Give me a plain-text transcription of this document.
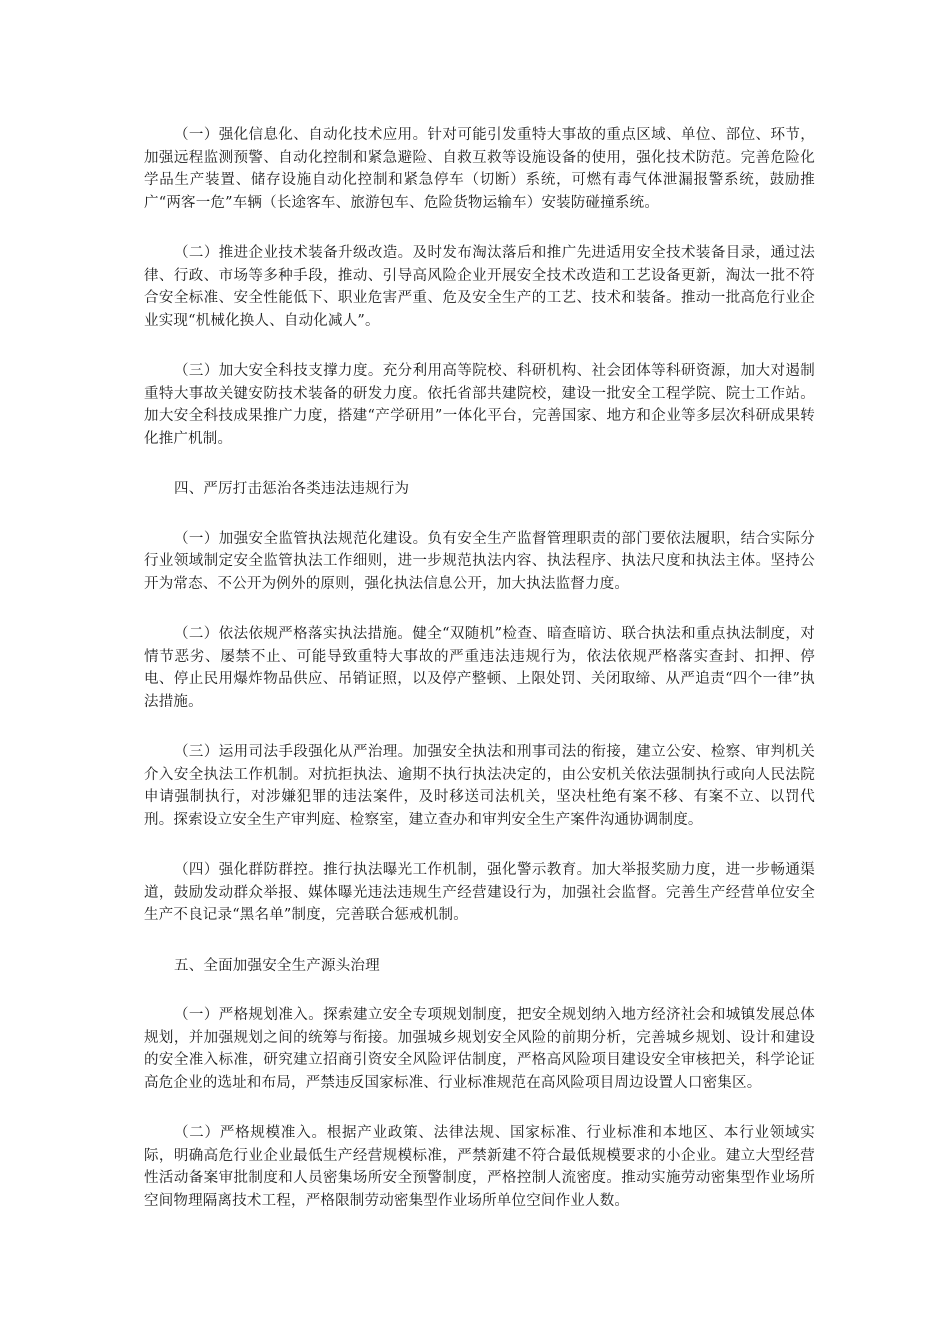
（一）强化信息化、自动化技术应用。针对可能引发重特大事故的重点区域、单位、部位、环节，加强远程监测预警、自动化控制和紧急避险、自救互救等设施设备的使用，强化技术防范。完善危险化学品生产装置、储存设施自动化控制和紧急停车（切断）系统，可燃有毒气体泄漏报警系统，鼓励推广“两客一危”车辆（长途客车、旅游包车、危险货物运输车）安装防碰撞系统。

（二）推进企业技术装备升级改造。及时发布淘汰落后和推广先进适用安全技术装备目录，通过法律、行政、市场等多种手段，推动、引导高风险企业开展安全技术改造和工艺设备更新，淘汰一批不符合安全标准、安全性能低下、职业危害严重、危及安全生产的工艺、技术和装备。推动一批高危行业企业实现“机械化换人、自动化减人”。

（三）加大安全科技支撑力度。充分利用高等院校、科研机构、社会团体等科研资源，加大对遏制重特大事故关键安防技术装备的研发力度。依托省部共建院校，建设一批安全工程学院、院士工作站。加大安全科技成果推广力度，搭建“产学研用”一体化平台，完善国家、地方和企业等多层次科研成果转化推广机制。

四、严厉打击惩治各类违法违规行为

（一）加强安全监管执法规范化建设。负有安全生产监督管理职责的部门要依法履职，结合实际分行业领域制定安全监管执法工作细则，进一步规范执法内容、执法程序、执法尺度和执法主体。坚持公开为常态、不公开为例外的原则，强化执法信息公开，加大执法监督力度。

（二）依法依规严格落实执法措施。健全“双随机”检查、暗查暗访、联合执法和重点执法制度，对情节恶劣、屡禁不止、可能导致重特大事故的严重违法违规行为，依法依规严格落实查封、扣押、停电、停止民用爆炸物品供应、吊销证照，以及停产整顿、上限处罚、关闭取缔、从严追责“四个一律”执法措施。

（三）运用司法手段强化从严治理。加强安全执法和刑事司法的衔接，建立公安、检察、审判机关介入安全执法工作机制。对抗拒执法、逾期不执行执法决定的，由公安机关依法强制执行或向人民法院申请强制执行，对涉嫌犯罪的违法案件，及时移送司法机关，坚决杜绝有案不移、有案不立、以罚代刑。探索设立安全生产审判庭、检察室，建立查办和审判安全生产案件沟通协调制度。

（四）强化群防群控。推行执法曝光工作机制，强化警示教育。加大举报奖励力度，进一步畅通渠道，鼓励发动群众举报、媒体曝光违法违规生产经营建设行为，加强社会监督。完善生产经营单位安全生产不良记录“黑名单”制度，完善联合惩戒机制。

五、全面加强安全生产源头治理

（一）严格规划准入。探索建立安全专项规划制度，把安全规划纳入地方经济社会和城镇发展总体规划，并加强规划之间的统筹与衔接。加强城乡规划安全风险的前期分析，完善城乡规划、设计和建设的安全准入标准，研究建立招商引资安全风险评估制度，严格高风险项目建设安全审核把关，科学论证高危企业的选址和布局，严禁违反国家标准、行业标准规范在高风险项目周边设置人口密集区。

（二）严格规模准入。根据产业政策、法律法规、国家标准、行业标准和本地区、本行业领域实际，明确高危行业企业最低生产经营规模标准，严禁新建不符合最低规模要求的小企业。建立大型经营性活动备案审批制度和人员密集场所安全预警制度，严格控制人流密度。推动实施劳动密集型作业场所空间物理隔离技术工程，严格限制劳动密集型作业场所单位空间作业人数。
